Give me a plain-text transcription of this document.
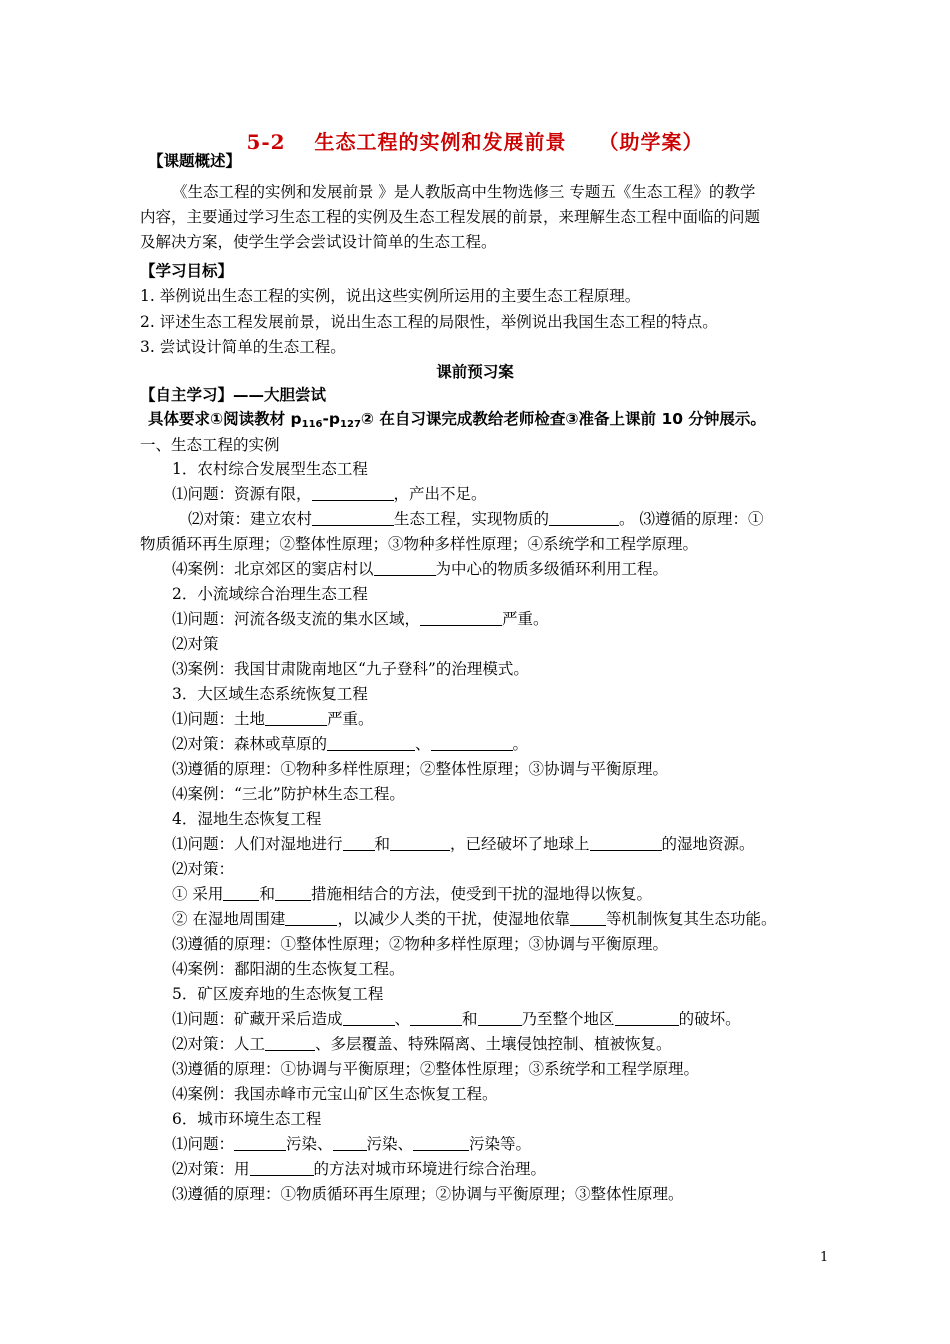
5-2　 生态工程的实例和发展前景　　（助学案）
【课题概述】
《生态工程的实例和发展前景 》是人教版高中生物选修三 专题五《生态工程》的教学
内容，主要通过学习生态工程的实例及生态工程发展的前景，来理解生态工程中面临的问题
及解决方案，使学生学会尝试设计简单的生态工程。
【学习目标】
1. 举例说出生态工程的实例，说出这些实例所运用的主要生态工程原理。
2. 评述生态工程发展前景，说出生态工程的局限性，举例说出我国生态工程的特点。
3. 尝试设计简单的生态工程。
课前预习案
【自主学习】——大胆尝试
具体要求①阅读教材 $p_{116}-p_{127}②$ 在自习课完成教给老师检查③准备上课前 10 分钟展示。
一、生态工程的实例
1．农村综合发展型生态工程
⑴问题：资源有限，	，产出不足。
⑵对策：建立农村	生态工程，实现物质的	。 ⑶遵循的原理：①
物质循环再生原理；②整体性原理；③物种多样性原理；④系统学和工程学原理。
⑷案例：北京郊区的窦店村以	为中心的物质多级循环利用工程。
2．小流域综合治理生态工程
⑴问题：河流各级支流的集水区域，	严重。
⑵对策
⑶案例：我国甘肃陇南地区“九子登科”的治理模式。
3．大区域生态系统恢复工程
⑴问题：土地	严重。
⑵对策：森林或草原的	、	。
⑶遵循的原理：①物种多样性原理；②整体性原理；③协调与平衡原理。
⑷案例：“三北”防护林生态工程。
4．湿地生态恢复工程
⑴问题：人们对湿地进行 和	，已经破坏了地球上	的湿地资源。
⑵对策：
① 采用 和 措施相结合的方法，使受到干扰的湿地得以恢复。
② 在湿地周围建	，以减少人类的干扰，使湿地依靠 等机制恢复其生态功能。
⑶遵循的原理：①整体性原理；②物种多样性原理；③协调与平衡原理。
⑷案例：鄱阳湖的生态恢复工程。
5．矿区废弃地的生态恢复工程
⑴问题：矿藏开采后造成	、	和	乃至整个地区	的破坏。
⑵对策：人工	、多层覆盖、特殊隔离、土壤侵蚀控制、植被恢复。
⑶遵循的原理：①协调与平衡原理；②整体性原理；③系统学和工程学原理。
⑷案例：我国赤峰市元宝山矿区生态恢复工程。
6．城市环境生态工程
⑴问题：	污染、 污染、	污染等。
⑵对策：用	的方法对城市环境进行综合治理。
⑶遵循的原理：①物质循环再生原理；②协调与平衡原理；③整体性原理。
1
